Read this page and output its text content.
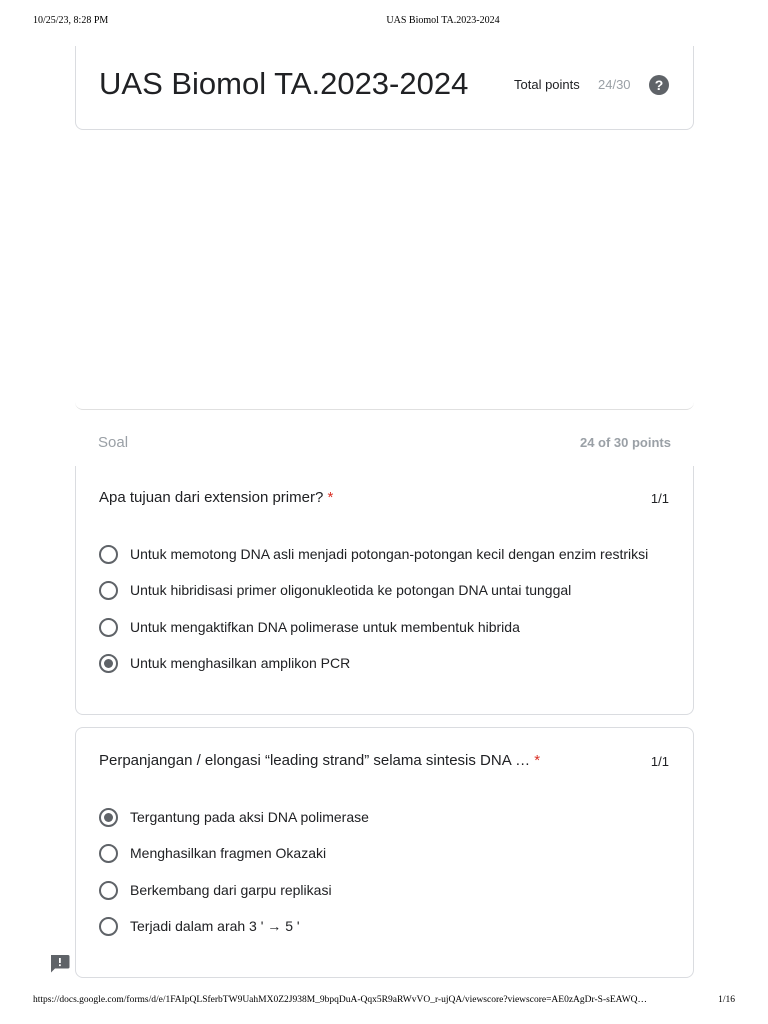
10/25/23, 8:28 PM	UAS Biomol TA.2023-2024
UAS Biomol TA.2023-2024	Total points 24/30	?
Soal	24 of 30 points
Apa tujuan dari extension primer? *	1/1
Untuk memotong DNA asli menjadi potongan-potongan kecil dengan enzim restriksi
Untuk hibridisasi primer oligonukleotida ke potongan DNA untai tunggal
Untuk mengaktifkan DNA polimerase untuk membentuk hibrida
Untuk menghasilkan amplikon PCR
Perpanjangan / elongasi “leading strand” selama sintesis DNA … *	1/1
Tergantung pada aksi DNA polimerase
Menghasilkan fragmen Okazaki
Berkembang dari garpu replikasi
Terjadi dalam arah 3 ' → 5 '
https://docs.google.com/forms/d/e/1FAIpQLSferbTW9UahMX0Z2J938M_9bpqDuA-Qqx5R9aRWvVO_r-ujQA/viewscore?viewscore=AE0zAgDr-S-sEAWQ…	1/16
